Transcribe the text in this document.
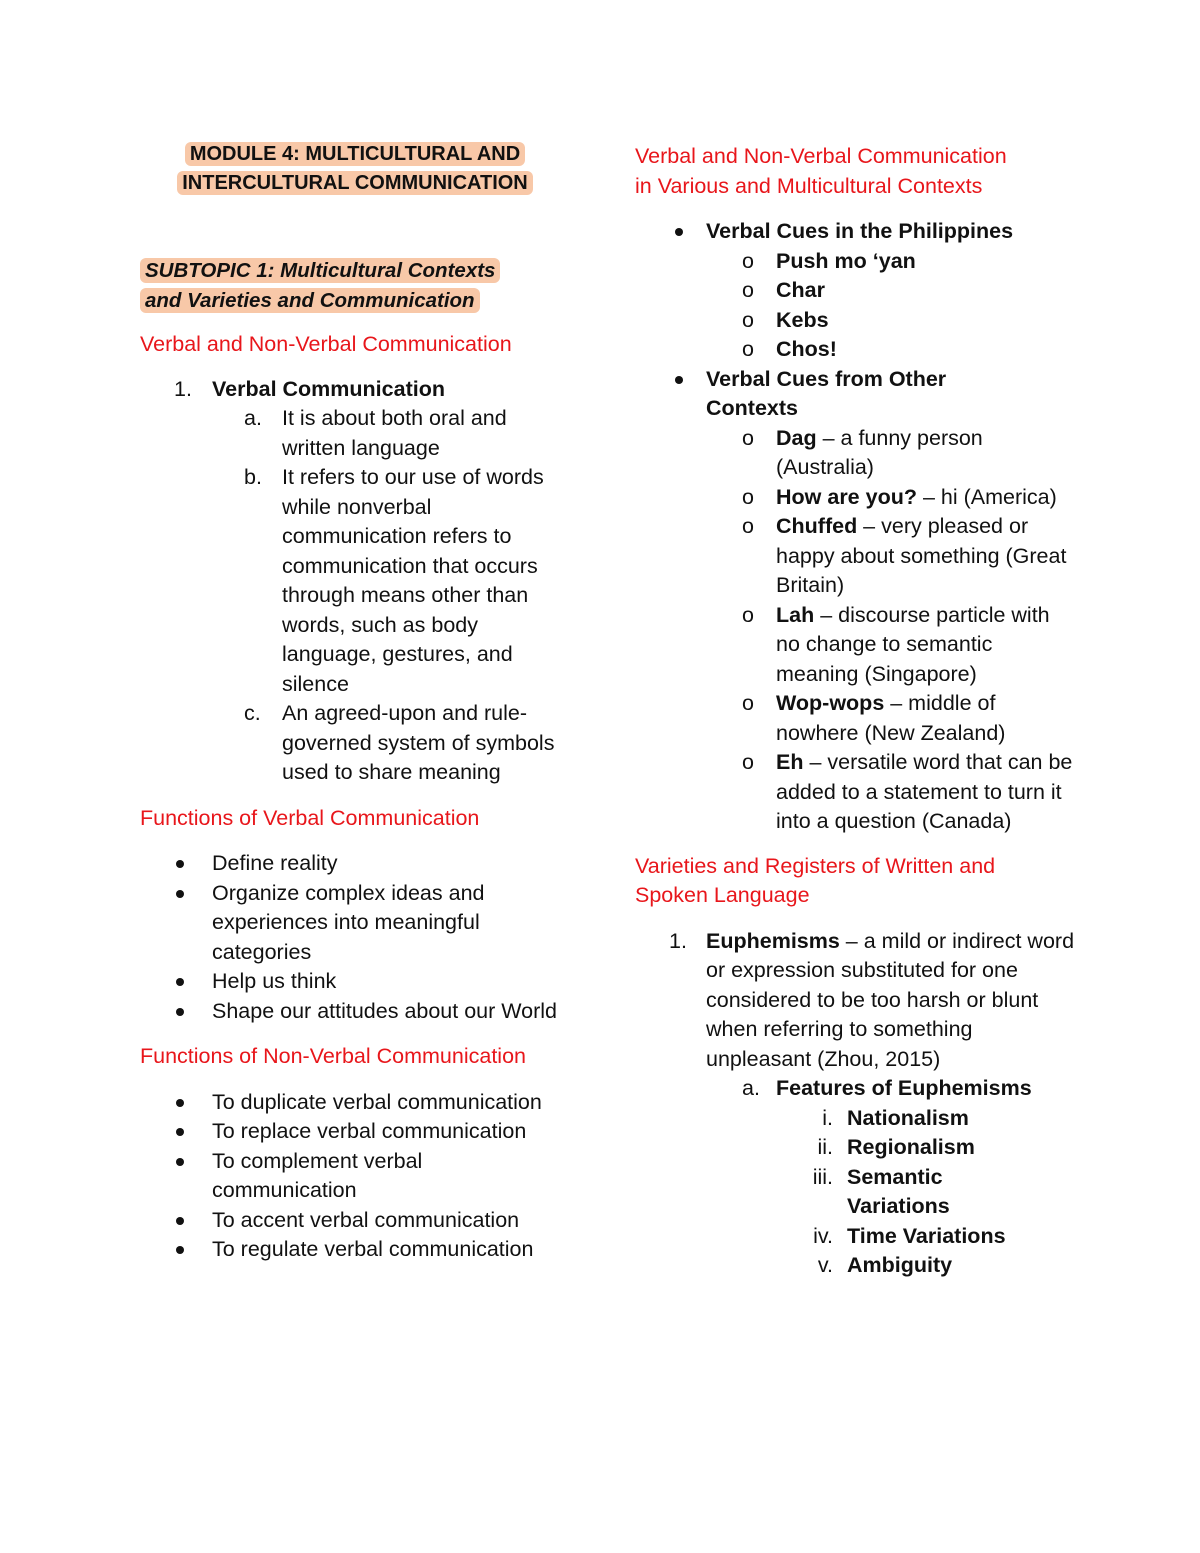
MODULE 4: MULTICULTURAL AND
INTERCULTURAL COMMUNICATION

SUBTOPIC 1: Multicultural Contexts
and Varieties and Communication

Verbal and Non-Verbal Communication

1. Verbal Communication
a. It is about both oral and written language
b. It refers to our use of words while nonverbal communication refers to communication that occurs through means other than words, such as body language, gestures, and silence
c. An agreed-upon and rule-governed system of symbols used to share meaning

Functions of Verbal Communication

Define reality
Organize complex ideas and experiences into meaningful categories
Help us think
Shape our attitudes about our World

Functions of Non-Verbal Communication

To duplicate verbal communication
To replace verbal communication
To complement verbal communication
To accent verbal communication
To regulate verbal communication

Verbal and Non-Verbal Communication
in Various and Multicultural Contexts

Verbal Cues in the Philippines
o Push mo ‘yan
o Char
o Kebs
o Chos!
Verbal Cues from Other Contexts
o Dag – a funny person (Australia)
o How are you? – hi (America)
o Chuffed – very pleased or happy about something (Great Britain)
o Lah – discourse particle with no change to semantic meaning (Singapore)
o Wop-wops – middle of nowhere (New Zealand)
o Eh – versatile word that can be added to a statement to turn it into a question (Canada)

Varieties and Registers of Written and
Spoken Language

1. Euphemisms – a mild or indirect word or expression substituted for one considered to be too harsh or blunt when referring to something unpleasant (Zhou, 2015)
a. Features of Euphemisms
i. Nationalism
ii. Regionalism
iii. Semantic Variations
iv. Time Variations
v. Ambiguity
